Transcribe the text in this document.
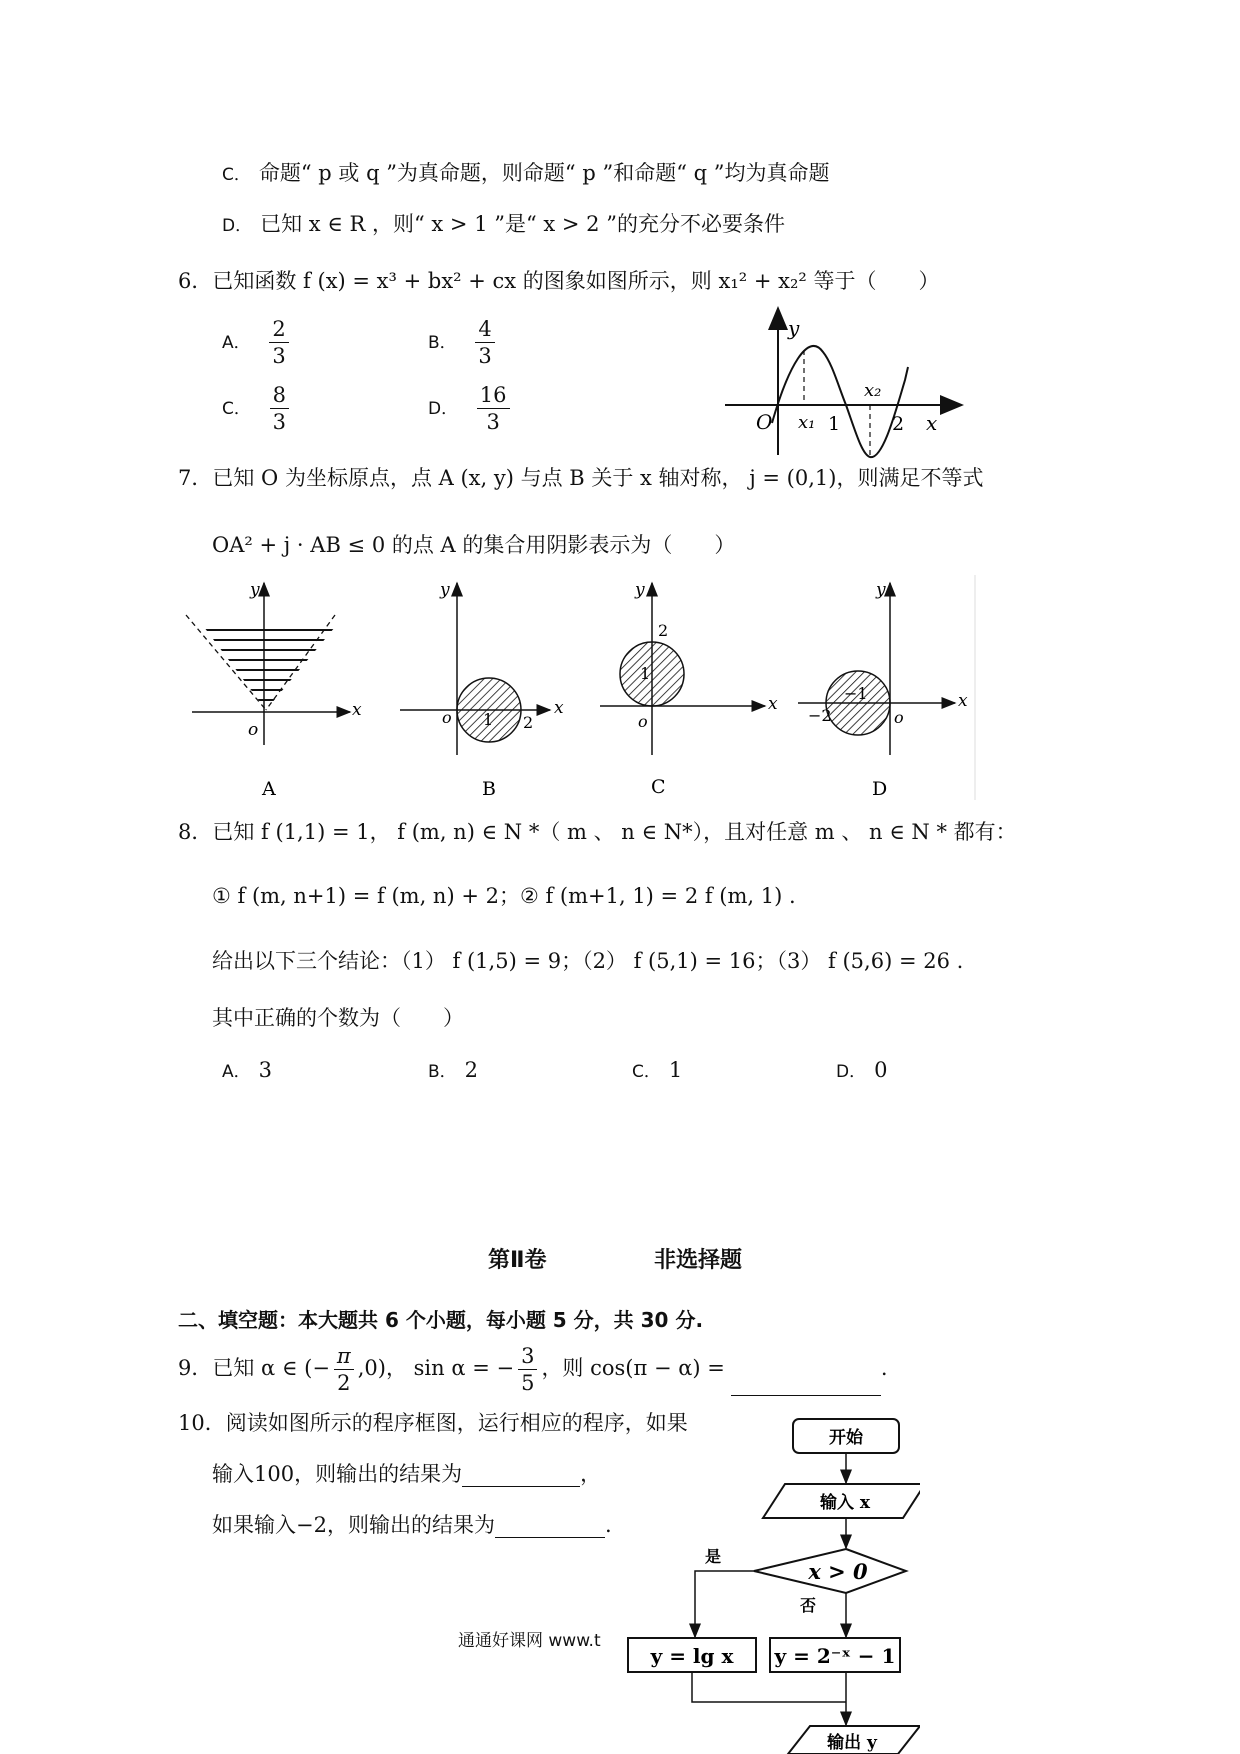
C． 命题“ p 或 q ”为真命题，则命题“ p ”和命题“ q ”均为真命题
D． 已知 x ∈ R ，则“ x > 1 ”是“ x > 2 ”的充分不必要条件
6．已知函数 f (x) = x³ + bx² + cx 的图象如图所示，则 x₁² + x₂² 等于（　　）
A． $\frac{2}{3}$	B． $\frac{4}{3}$
C． $\frac{8}{3}$	D． $\frac{16}{3}$
y
x
O x₁ 1
x₂
2
7．已知 O 为坐标原点，点 A (x, y) 与点 B 关于 x 轴对称， j = (0,1)，则满足不等式
OA² + j · AB ≤ 0 的点 A 的集合用阴影表示为（　　）
y
x
o
A
y
x
o 1 2
B
y
x
o
1
2
C
y
x
o
−1
−2
D
8．已知 f (1,1) = 1， f (m, n) ∈ N *（ m 、 n ∈ N*），且对任意 m 、 n ∈ N * 都有：
① f (m, n+1) = f (m, n) + 2；② f (m+1, 1) = 2 f (m, 1) .
给出以下三个结论：（1） f (1,5) = 9；（2） f (5,1) = 16；（3） f (5,6) = 26 .
其中正确的个数为（　　）
A． 3	B． 2	C． 1	D． 0
第Ⅱ卷	非选择题
二、填空题：本大题共 6 个小题，每小题 5 分，共 30 分.
9．已知 α ∈ (− $\frac{\pi}{2} ,0$)， sin α = − $\frac{3}{5}$ ，则 cos(π − α) =	.
10．阅读如图所示的程序框图，运行相应的程序，如果
输入100，则输出的结果为	，
如果输入−2，则输出的结果为	.
开始
输入 x
x > 0
是
否
y = lg x y = 2⁻ˣ − 1
输出 y
通通好课网 www.t
